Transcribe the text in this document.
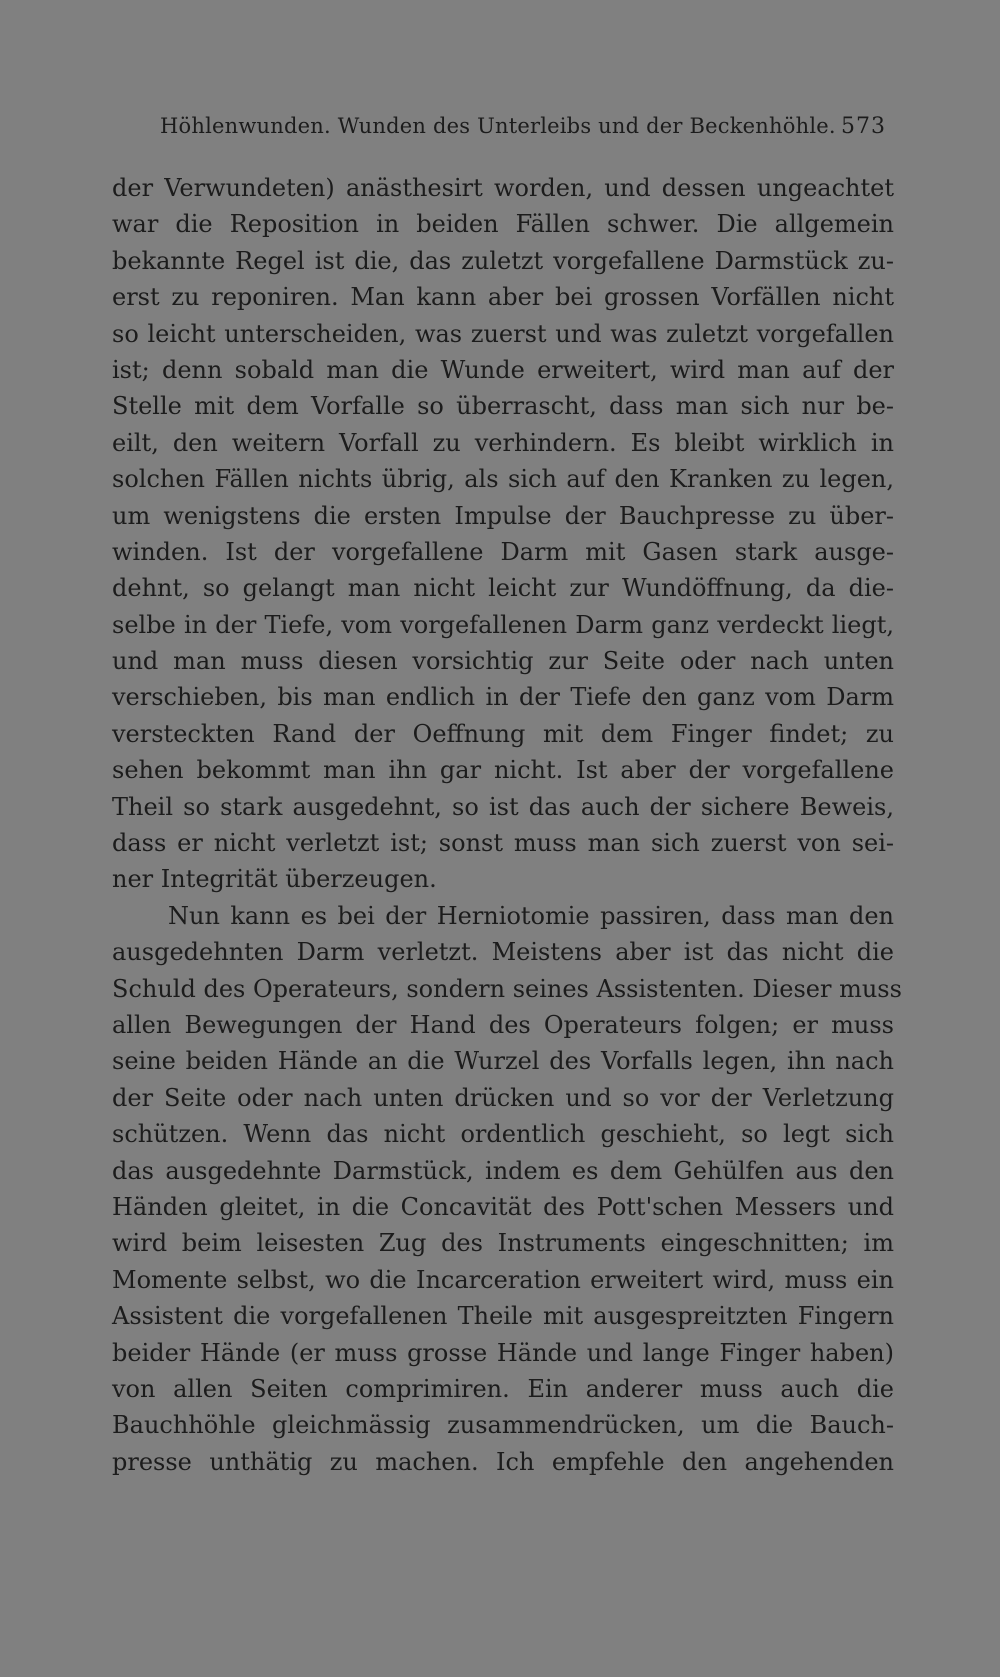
Höhlenwunden. Wunden des Unterleibs und der Beckenhöhle. 573
der Verwundeten) anästhesirt worden, und dessen ungeachtet
war die Reposition in beiden Fällen schwer. Die allgemein
bekannte Regel ist die, das zuletzt vorgefallene Darmstück zu-
erst zu reponiren. Man kann aber bei grossen Vorfällen nicht
so leicht unterscheiden, was zuerst und was zuletzt vorgefallen
ist; denn sobald man die Wunde erweitert, wird man auf der
Stelle mit dem Vorfalle so überrascht, dass man sich nur be-
eilt, den weitern Vorfall zu verhindern. Es bleibt wirklich in
solchen Fällen nichts übrig, als sich auf den Kranken zu legen,
um wenigstens die ersten Impulse der Bauchpresse zu über-
winden. Ist der vorgefallene Darm mit Gasen stark ausge-
dehnt, so gelangt man nicht leicht zur Wundöffnung, da die-
selbe in der Tiefe, vom vorgefallenen Darm ganz verdeckt liegt,
und man muss diesen vorsichtig zur Seite oder nach unten
verschieben, bis man endlich in der Tiefe den ganz vom Darm
versteckten Rand der Oeffnung mit dem Finger findet; zu
sehen bekommt man ihn gar nicht. Ist aber der vorgefallene
Theil so stark ausgedehnt, so ist das auch der sichere Beweis,
dass er nicht verletzt ist; sonst muss man sich zuerst von sei-
ner Integrität überzeugen.
Nun kann es bei der Herniotomie passiren, dass man den
ausgedehnten Darm verletzt. Meistens aber ist das nicht die
Schuld des Operateurs, sondern seines Assistenten. Dieser muss
allen Bewegungen der Hand des Operateurs folgen; er muss
seine beiden Hände an die Wurzel des Vorfalls legen, ihn nach
der Seite oder nach unten drücken und so vor der Verletzung
schützen. Wenn das nicht ordentlich geschieht, so legt sich
das ausgedehnte Darmstück, indem es dem Gehülfen aus den
Händen gleitet, in die Concavität des Pott'schen Messers und
wird beim leisesten Zug des Instruments eingeschnitten; im
Momente selbst, wo die Incarceration erweitert wird, muss ein
Assistent die vorgefallenen Theile mit ausgespreitzten Fingern
beider Hände (er muss grosse Hände und lange Finger haben)
von allen Seiten comprimiren. Ein anderer muss auch die
Bauchhöhle gleichmässig zusammendrücken, um die Bauch-
presse unthätig zu machen. Ich empfehle den angehenden
